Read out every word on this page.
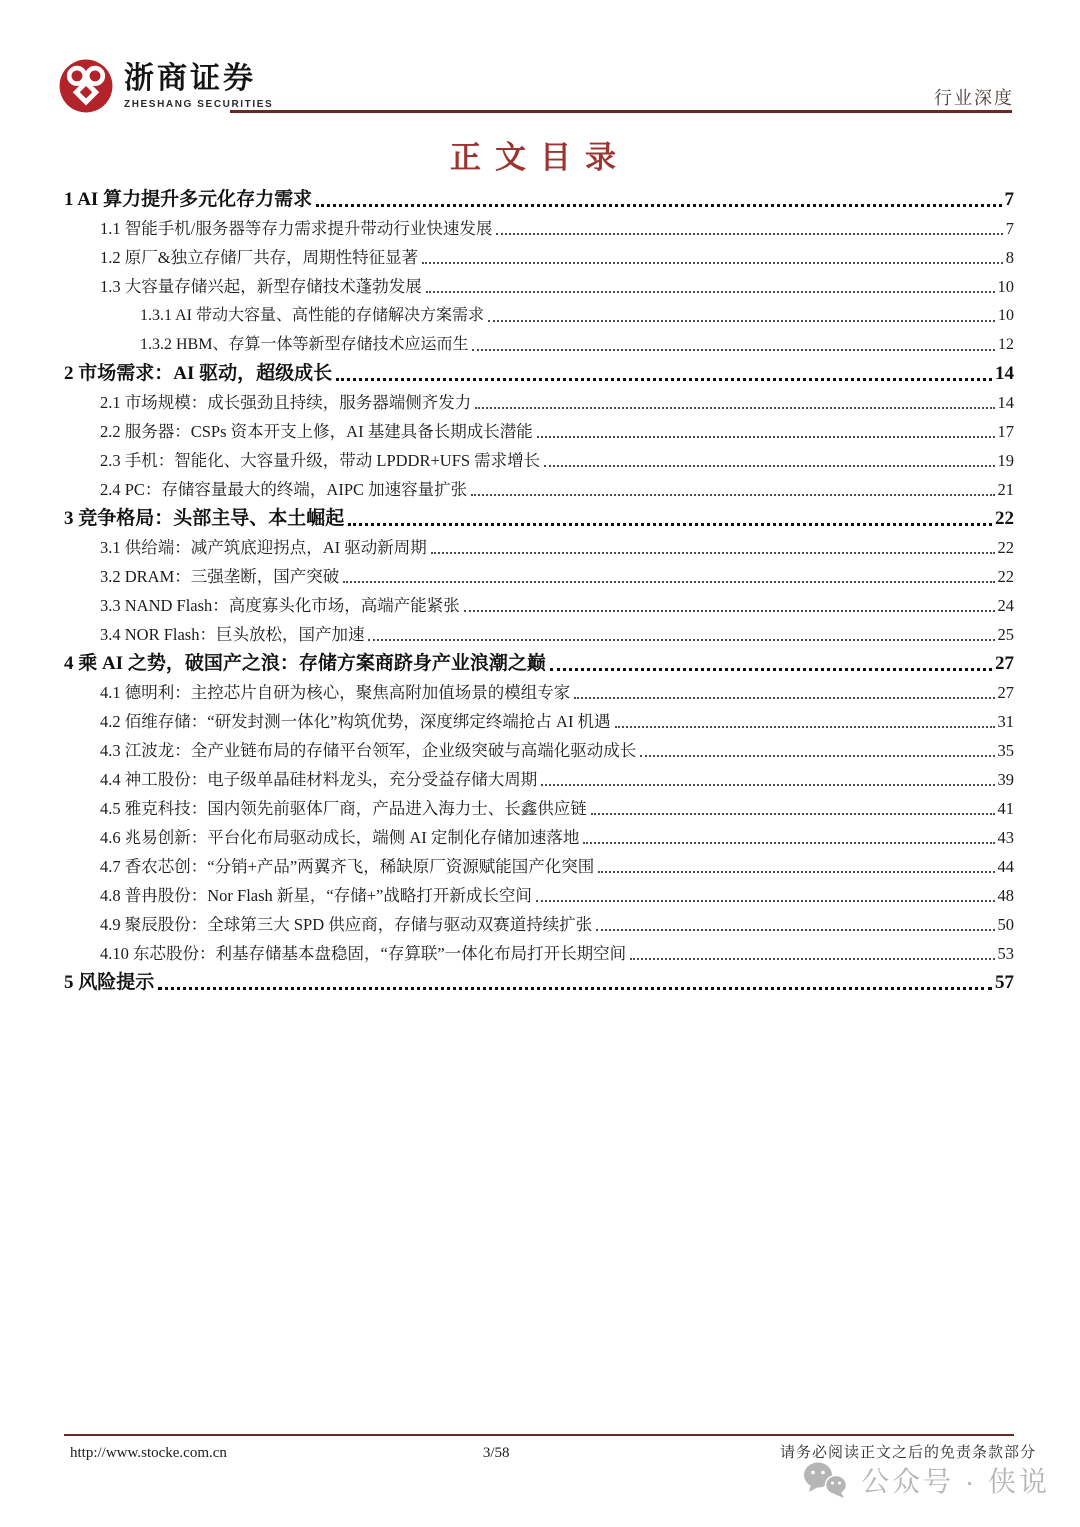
浙商证券
ZHESHANG SECURITIES	行业深度
正文目录
1 AI 算力提升多元化存力需求	7
1.1 智能手机/服务器等存力需求提升带动行业快速发展	7
1.2 原厂&独立存储厂共存，周期性特征显著	8
1.3 大容量存储兴起，新型存储技术蓬勃发展	10
1.3.1 AI 带动大容量、高性能的存储解决方案需求	10
1.3.2 HBM、存算一体等新型存储技术应运而生	12
2 市场需求：AI 驱动，超级成长	14
2.1 市场规模：成长强劲且持续，服务器端侧齐发力	14
2.2 服务器：CSPs 资本开支上修，AI 基建具备长期成长潜能	17
2.3 手机：智能化、大容量升级，带动 LPDDR+UFS 需求增长	19
2.4 PC：存储容量最大的终端，AIPC 加速容量扩张	21
3 竞争格局：头部主导、本土崛起	22
3.1 供给端：减产筑底迎拐点，AI 驱动新周期	22
3.2 DRAM：三强垄断，国产突破	22
3.3 NAND Flash：高度寡头化市场，高端产能紧张	24
3.4 NOR Flash：巨头放松，国产加速	25
4 乘 AI 之势，破国产之浪：存储方案商跻身产业浪潮之巅	27
4.1 德明利：主控芯片自研为核心，聚焦高附加值场景的模组专家	27
4.2 佰维存储：“研发封测一体化”构筑优势，深度绑定终端抢占 AI 机遇	31
4.3 江波龙：全产业链布局的存储平台领军，企业级突破与高端化驱动成长	35
4.4 神工股份：电子级单晶硅材料龙头，充分受益存储大周期	39
4.5 雅克科技：国内领先前驱体厂商，产品进入海力士、长鑫供应链	41
4.6 兆易创新：平台化布局驱动成长，端侧 AI 定制化存储加速落地	43
4.7 香农芯创：“分销+产品”两翼齐飞，稀缺原厂资源赋能国产化突围	44
4.8 普冉股份：Nor Flash 新星，“存储+”战略打开新成长空间	48
4.9 聚辰股份：全球第三大 SPD 供应商，存储与驱动双赛道持续扩张	50
4.10 东芯股份：利基存储基本盘稳固，“存算联”一体化布局打开长期空间	53
5 风险提示	57
http://www.stocke.com.cn	3/58	请务必阅读正文之后的免责条款部分
公众号 · 侠说
